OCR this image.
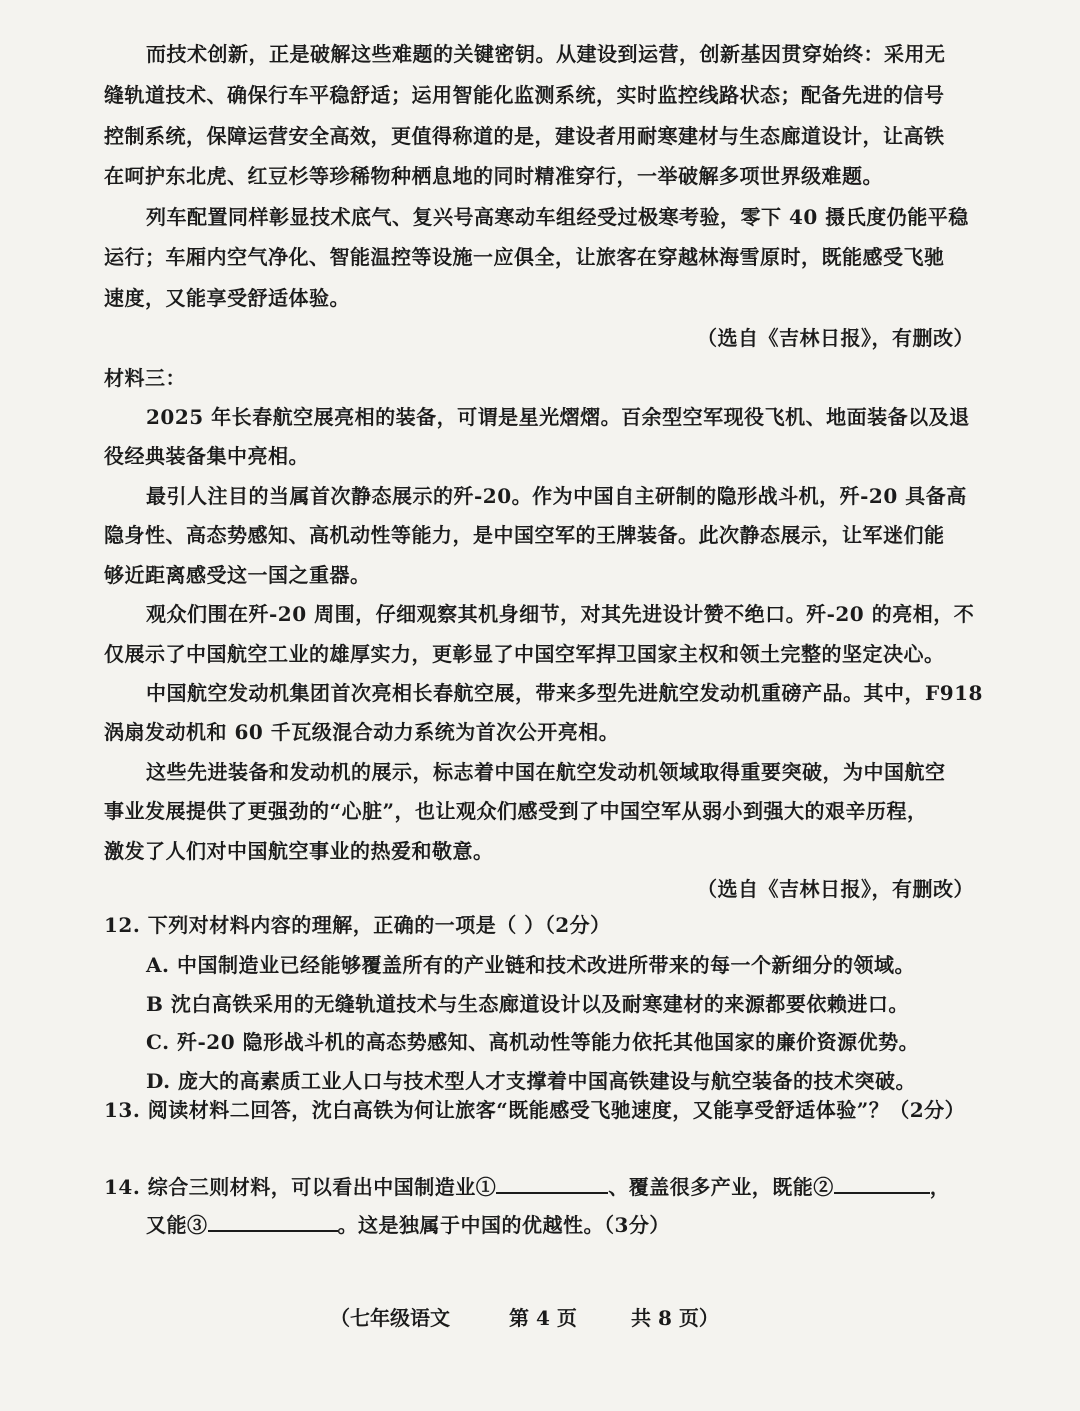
而技术创新，正是破解这些难题的关键密钥。从建设到运营，创新基因贯穿始终：采用无
缝轨道技术、确保行车平稳舒适；运用智能化监测系统，实时监控线路状态；配备先进的信号
控制系统，保障运营安全高效，更值得称道的是，建设者用耐寒建材与生态廊道设计，让高铁
在呵护东北虎、红豆杉等珍稀物种栖息地的同时精准穿行，一举破解多项世界级难题。
列车配置同样彰显技术底气、复兴号高寒动车组经受过极寒考验，零下 40 摄氏度仍能平稳
运行；车厢内空气净化、智能温控等设施一应俱全，让旅客在穿越林海雪原时，既能感受飞驰
速度，又能享受舒适体验。
（选自《吉林日报》，有删改）
材料三：
2025 年长春航空展亮相的装备，可谓是星光熠熠。百余型空军现役飞机、地面装备以及退
役经典装备集中亮相。
最引人注目的当属首次静态展示的歼-20。作为中国自主研制的隐形战斗机，歼-20 具备高
隐身性、高态势感知、高机动性等能力，是中国空军的王牌装备。此次静态展示，让军迷们能
够近距离感受这一国之重器。
观众们围在歼-20 周围，仔细观察其机身细节，对其先进设计赞不绝口。歼-20 的亮相，不
仅展示了中国航空工业的雄厚实力，更彰显了中国空军捍卫国家主权和领土完整的坚定决心。
中国航空发动机集团首次亮相长春航空展，带来多型先进航空发动机重磅产品。其中，F918
涡扇发动机和 60 千瓦级混合动力系统为首次公开亮相。
这些先进装备和发动机的展示，标志着中国在航空发动机领域取得重要突破，为中国航空
事业发展提供了更强劲的“心脏”，也让观众们感受到了中国空军从弱小到强大的艰辛历程，
激发了人们对中国航空事业的热爱和敬意。
（选自《吉林日报》，有删改）
12. 下列对材料内容的理解，正确的一项是（ ）（2分）
A. 中国制造业已经能够覆盖所有的产业链和技术改进所带来的每一个新细分的领域。
B 沈白高铁采用的无缝轨道技术与生态廊道设计以及耐寒建材的来源都要依赖进口。
C. 歼-20 隐形战斗机的高态势感知、高机动性等能力依托其他国家的廉价资源优势。
D. 庞大的高素质工业人口与技术型人才支撑着中国高铁建设与航空装备的技术突破。
13. 阅读材料二回答，沈白高铁为何让旅客“既能感受飞驰速度，又能享受舒适体验”？（2分）
14. 综合三则材料，可以看出中国制造业①	、覆盖很多产业，既能②	，
又能③	。这是独属于中国的优越性。（3分）
（七年级语文	第 4 页	共 8 页）
